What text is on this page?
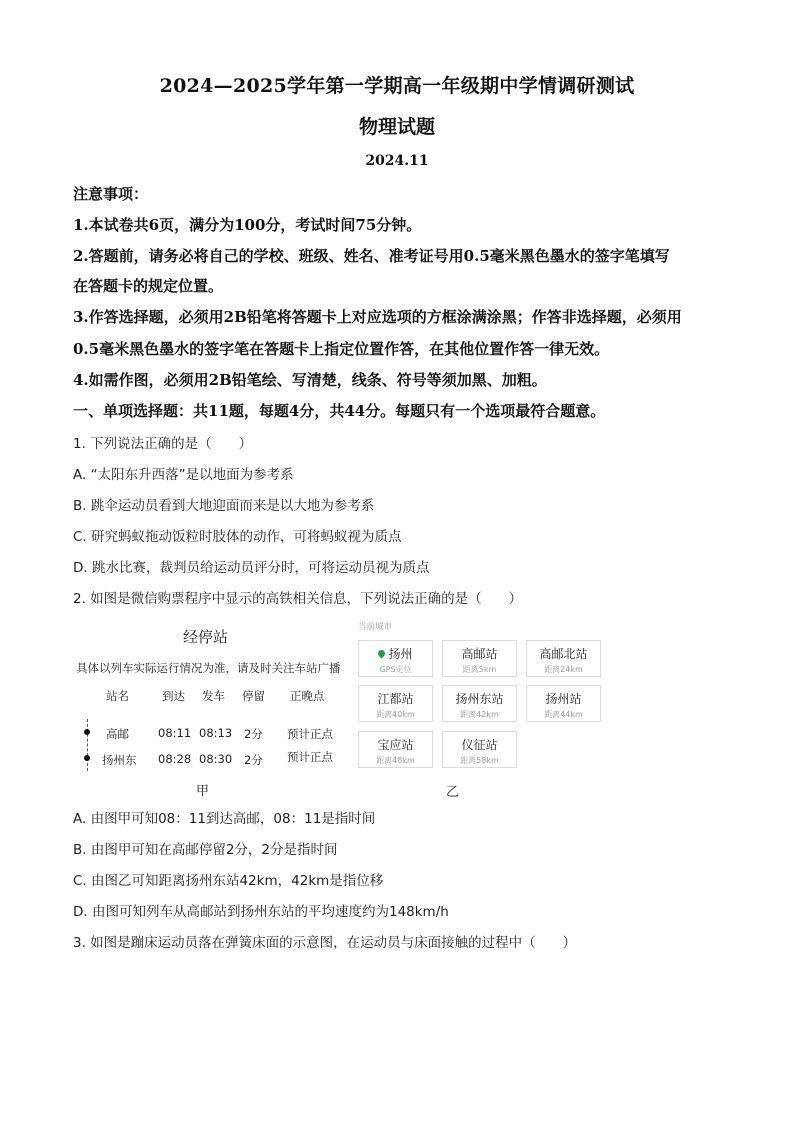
2024—2025学年第一学期高一年级期中学情调研测试
物理试题
2024.11
注意事项：
1.本试卷共6页，满分为100分，考试时间75分钟。
2.答题前，请务必将自己的学校、班级、姓名、准考证号用0.5毫米黑色墨水的签字笔填写
在答题卡的规定位置。
3.作答选择题，必须用2B铅笔将答题卡上对应选项的方框涂满涂黑；作答非选择题，必须用
0.5毫米黑色墨水的签字笔在答题卡上指定位置作答，在其他位置作答一律无效。
4.如需作图，必须用2B铅笔绘、写清楚，线条、符号等须加黑、加粗。
一、单项选择题：共11题，每题4分，共44分。每题只有一个选项最符合题意。
1. 下列说法正确的是（　　）
A. “太阳东升西落”是以地面为参考系
B. 跳伞运动员看到大地迎面而来是以大地为参考系
C. 研究蚂蚁拖动饭粒时肢体的动作，可将蚂蚁视为质点
D. 跳水比赛，裁判员给运动员评分时，可将运动员视为质点
2. 如图是微信购票程序中显示的高铁相关信息，下列说法正确的是（　　）
经停站
具体以列车实际运行情况为准，请及时关注车站广播
站名	到达 发车 停留 正晚点
高邮	08:11 08:13 2分 预计正点
扬州东 08:28 08:30 2分 预计正点
甲
当前城市
扬州
GPS定位
高邮站
距离5km
高邮北站
距离24km
江都站
距离40km
扬州东站
距离42km
扬州站
距离44km
宝应站
距离48km
仪征站
距离58km
乙
A. 由图甲可知08：11到达高邮，08：11是指时间
B. 由图甲可知在高邮停留2分，2分是指时间
C. 由图乙可知距离扬州东站42km，42km是指位移
D. 由图可知列车从高邮站到扬州东站的平均速度约为148km/h
3. 如图是蹦床运动员落在弹簧床面的示意图，在运动员与床面接触的过程中（　　）
